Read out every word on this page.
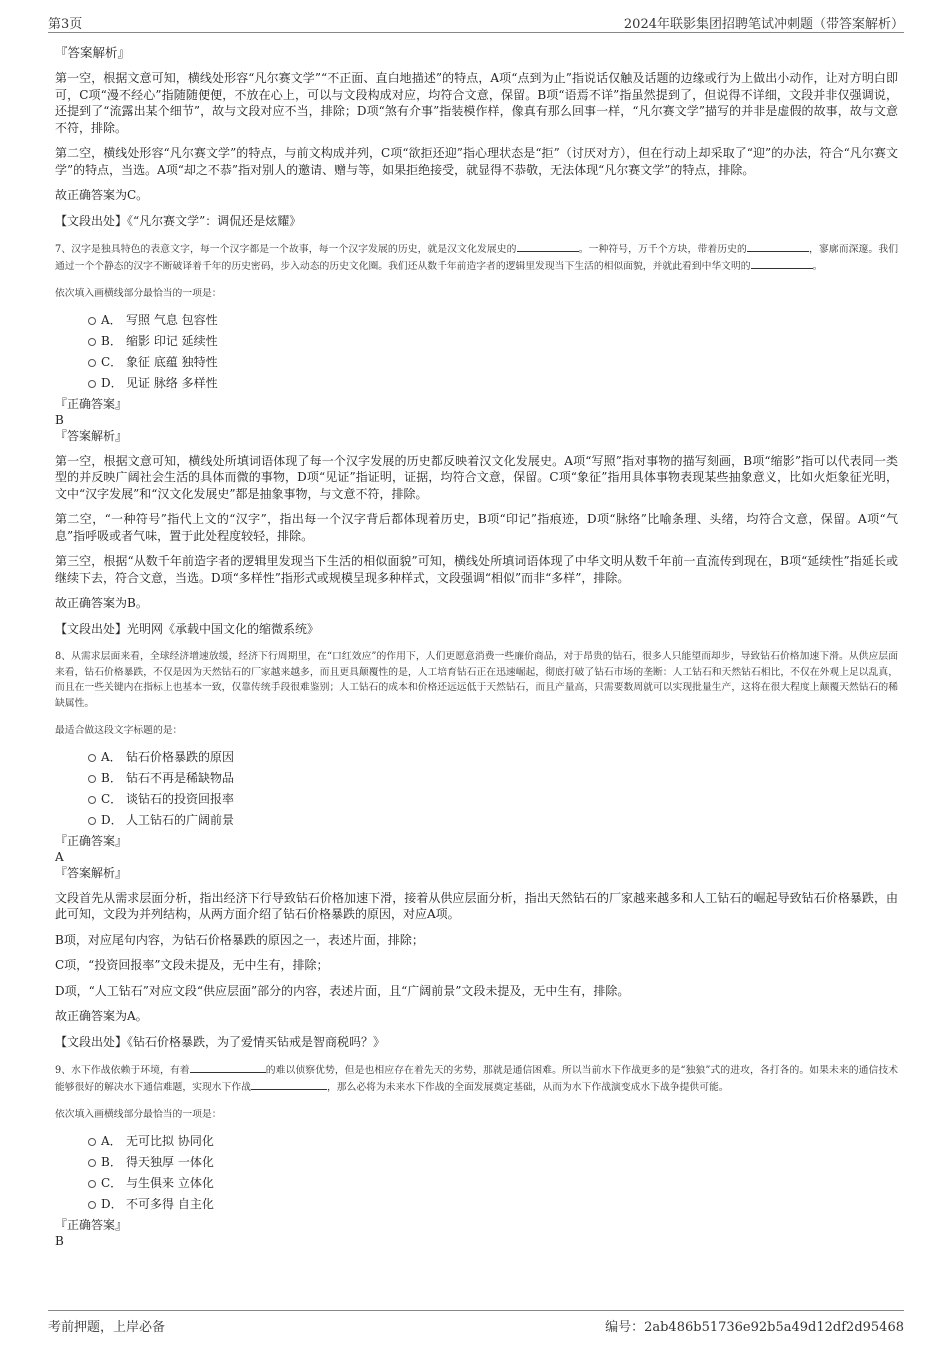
第3页	2024年联影集团招聘笔试冲刺题（带答案解析）

『答案解析』

第一空，根据文意可知，横线处形容“凡尔赛文学”“不正面、直白地描述”的特点，A项“点到为止”指说话仅触及话题的边缘或行为上做出小动作，让对方明白即可，C项“漫不经心”指随随便便，不放在心上，可以与文段构成对应，均符合文意，保留。B项“语焉不详”指虽然提到了，但说得不详细，文段并非仅强调说，还提到了“流露出某个细节”，故与文段对应不当，排除；D项“煞有介事”指装模作样，像真有那么回事一样，“凡尔赛文学”描写的并非是虚假的故事，故与文意不符，排除。

第二空，横线处形容“凡尔赛文学”的特点，与前文构成并列，C项“欲拒还迎”指心理状态是“拒”（讨厌对方），但在行动上却采取了“迎”的办法，符合“凡尔赛文学”的特点，当选。A项“却之不恭”指对别人的邀请、赠与等，如果拒绝接受，就显得不恭敬，无法体现“凡尔赛文学”的特点，排除。

故正确答案为C。

【文段出处】《“凡尔赛文学”：调侃还是炫耀》

7、汉字是独具特色的表意文字，每一个汉字都是一个故事，每一个汉字发展的历史，就是汉文化发展史的	。一种符号，万千个方块，带着历史的	，寥廓而深邃。我们通过一个个静态的汉字不断破译着千年的历史密码，步入动态的历史文化圈。我们还从数千年前造字者的逻辑里发现当下生活的相似面貌，并就此看到中华文明的	。

依次填入画横线部分最恰当的一项是：

A． 写照 气息 包容性
B． 缩影 印记 延续性
C． 象征 底蕴 独特性
D． 见证 脉络 多样性

『正确答案』

B

『答案解析』

第一空，根据文意可知，横线处所填词语体现了每一个汉字发展的历史都反映着汉文化发展史。A项“写照”指对事物的描写刻画，B项“缩影”指可以代表同一类型的并反映广阔社会生活的具体而微的事物，D项“见证”指证明，证据，均符合文意，保留。C项“象征”指用具体事物表现某些抽象意义，比如火炬象征光明，文中“汉字发展”和“汉文化发展史”都是抽象事物，与文意不符，排除。

第二空，“一种符号”指代上文的“汉字”，指出每一个汉字背后都体现着历史，B项“印记”指痕迹，D项“脉络”比喻条理、头绪，均符合文意，保留。A项“气息”指呼吸或者气味，置于此处程度较轻，排除。

第三空，根据“从数千年前造字者的逻辑里发现当下生活的相似面貌”可知，横线处所填词语体现了中华文明从数千年前一直流传到现在，B项“延续性”指延长或继续下去，符合文意，当选。D项“多样性”指形式或规模呈现多种样式，文段强调“相似”而非“多样”，排除。

故正确答案为B。

【文段出处】光明网《承载中国文化的缩微系统》

8、从需求层面来看，全球经济增速放缓，经济下行周期里，在“口红效应”的作用下，人们更愿意消费一些廉价商品，对于昂贵的钻石，很多人只能望而却步，导致钻石价格加速下滑。从供应层面来看，钻石价格暴跌，不仅是因为天然钻石的厂家越来越多，而且更具颠覆性的是，人工培育钻石正在迅速崛起，彻底打破了钻石市场的垄断：人工钻石和天然钻石相比，不仅在外观上足以乱真，而且在一些关键内在指标上也基本一致，仅靠传统手段很难鉴别；人工钻石的成本和价格还远远低于天然钻石，而且产量高，只需要数周就可以实现批量生产，这将在很大程度上颠覆天然钻石的稀缺属性。

最适合做这段文字标题的是：

A． 钻石价格暴跌的原因
B． 钻石不再是稀缺物品
C． 谈钻石的投资回报率
D． 人工钻石的广阔前景

『正确答案』

A

『答案解析』

文段首先从需求层面分析，指出经济下行导致钻石价格加速下滑，接着从供应层面分析，指出天然钻石的厂家越来越多和人工钻石的崛起导致钻石价格暴跌，由此可知，文段为并列结构，从两方面介绍了钻石价格暴跌的原因，对应A项。

B项，对应尾句内容，为钻石价格暴跌的原因之一，表述片面，排除；

C项，“投资回报率”文段未提及，无中生有，排除；

D项，“人工钻石”对应文段“供应层面”部分的内容，表述片面，且“广阔前景”文段未提及，无中生有，排除。

故正确答案为A。

【文段出处】《钻石价格暴跌，为了爱情买钻戒是智商税吗？》

9、水下作战依赖于环境，有着	的难以侦察优势，但是也相应存在着先天的劣势，那就是通信困难。所以当前水下作战更多的是“独狼”式的进攻，各打各的。如果未来的通信技术能够很好的解决水下通信难题，实现水下作战	，那么必将为未来水下作战的全面发展奠定基础，从而为水下作战演变成水下战争提供可能。

依次填入画横线部分最恰当的一项是：

A． 无可比拟 协同化
B． 得天独厚 一体化
C． 与生俱来 立体化
D． 不可多得 自主化

『正确答案』

B

考前押题，上岸必备	编号：2ab486b51736e92b5a49d12df2d95468
